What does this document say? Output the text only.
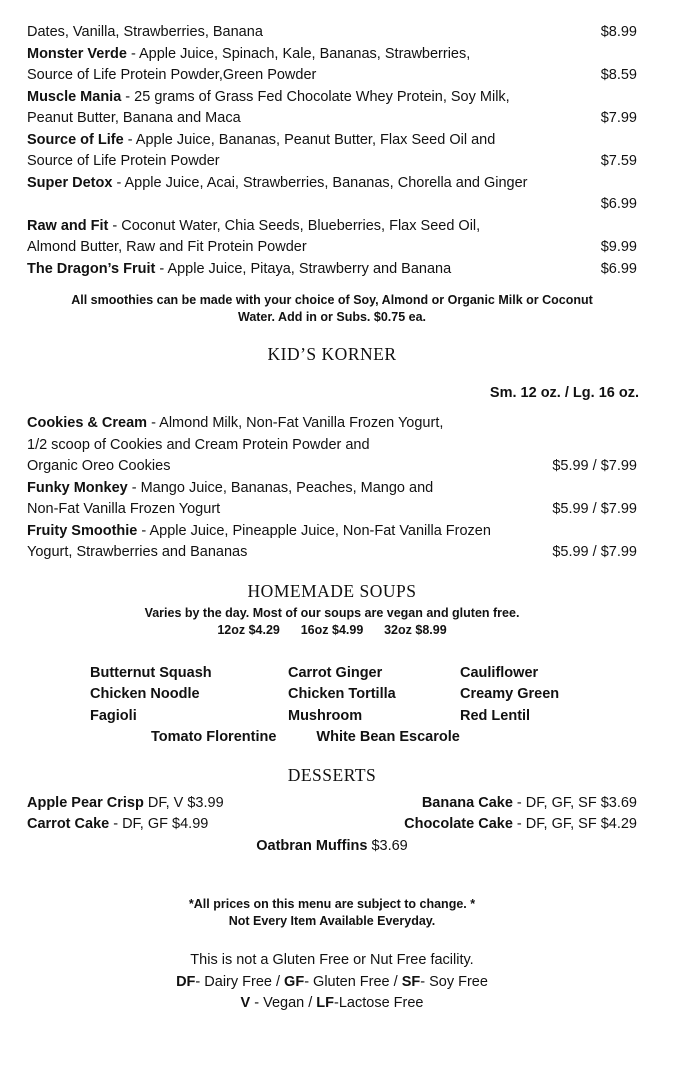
Dates, Vanilla, Strawberries, Banana	$8.99
Monster Verde - Apple Juice, Spinach, Kale, Bananas, Strawberries,
Source of Life Protein Powder,Green Powder	$8.59
Muscle Mania - 25 grams of Grass Fed Chocolate Whey Protein, Soy Milk,
Peanut Butter, Banana and Maca	$7.99
Source of Life - Apple Juice, Bananas, Peanut Butter, Flax Seed Oil and
Source of Life Protein Powder	$7.59
Super Detox - Apple Juice, Acai, Strawberries, Bananas, Chorella and Ginger
$6.99
Raw and Fit - Coconut Water, Chia Seeds, Blueberries, Flax Seed Oil,
Almond Butter, Raw and Fit Protein Powder	$9.99
The Dragon’s Fruit - Apple Juice, Pitaya, Strawberry and Banana	$6.99
All smoothies can be made with your choice of Soy, Almond or Organic Milk or Coconut
Water. Add in or Subs. $0.75 ea.
KID’S KORNER
Sm. 12 oz. / Lg. 16 oz.
Cookies & Cream - Almond Milk, Non-Fat Vanilla Frozen Yogurt,
1/2 scoop of Cookies and Cream Protein Powder and
Organic Oreo Cookies	$5.99 / $7.99
Funky Monkey - Mango Juice, Bananas, Peaches, Mango and
Non-Fat Vanilla Frozen Yogurt	$5.99 / $7.99
Fruity Smoothie - Apple Juice, Pineapple Juice, Non-Fat Vanilla Frozen
Yogurt, Strawberries and Bananas	$5.99 / $7.99
HOMEMADE SOUPS
Varies by the day. Most of our soups are vegan and gluten free.
12oz $4.29      16oz $4.99      32oz $8.99
Butternut Squash	Carrot Ginger	Cauliflower
Chicken Noodle	Chicken Tortilla	Creamy Green
Fagioli	Mushroom	Red Lentil
Tomato Florentine	White Bean Escarole
DESSERTS
Apple Pear Crisp DF, V $3.99	Banana Cake - DF, GF, SF $3.69
Carrot Cake - DF, GF $4.99	Chocolate Cake - DF, GF, SF $4.29
Oatbran Muffins $3.69
*All prices on this menu are subject to change. *
Not Every Item Available Everyday.
This is not a Gluten Free or Nut Free facility.
DF- Dairy Free / GF- Gluten Free / SF- Soy Free
V - Vegan / LF-Lactose Free
